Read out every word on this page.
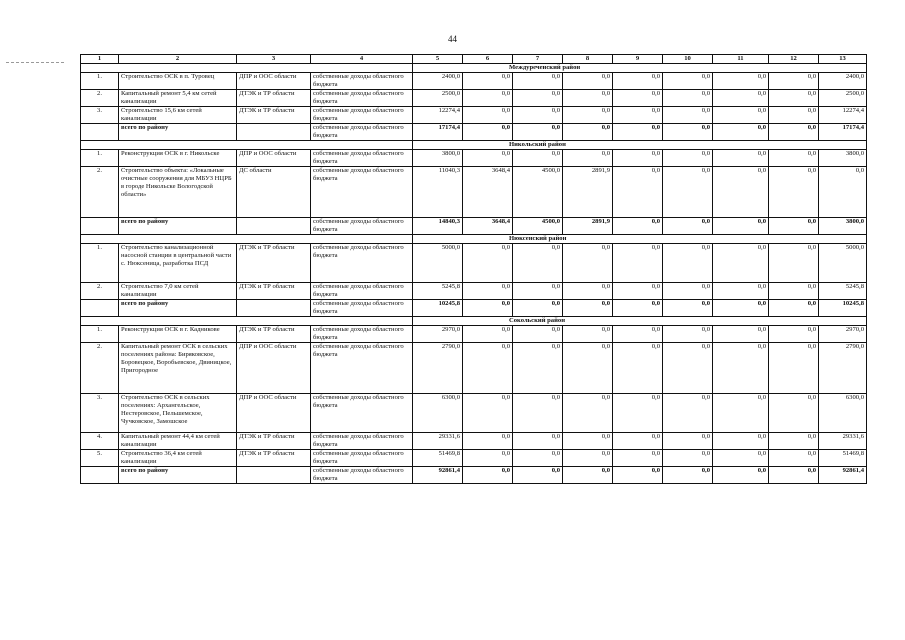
44
1	2	3	4	5	6	7	8	9	10	11	12	13
				Междуреченский район								
1.	Строительство ОСК в п. Туровец	ДПР и ООС области	собственные доходы областного бюджета	2400,0	0,0	0,0	0,0	0,0	0,0	0,0	0,0	2400,0
2.	Капитальный ремонт 5,4 км сетей канализации	ДТЭК и ТР области	собственные доходы областного бюджета	2500,0	0,0	0,0	0,0	0,0	0,0	0,0	0,0	2500,0
3.	Строительство 15,6 км сетей канализации	ДТЭК и ТР области	собственные доходы областного бюджета	12274,4	0,0	0,0	0,0	0,0	0,0	0,0	0,0	12274,4
	всего по району		собственные доходы областного бюджета	17174,4	0,0	0,0	0,0	0,0	0,0	0,0	0,0	17174,4
				Никольский район								
1.	Реконструкция ОСК в г. Никольске	ДПР и ООС области	собственные доходы областного бюджета	3800,0	0,0	0,0	0,0	0,0	0,0	0,0	0,0	3800,0
2.	Строительство объекта: «Локальные очистные сооружения для МБУЗ НЦРБ в городе Никольске Вологодской области»	ДС области	собственные доходы областного бюджета	11040,3	3648,4	4500,0	2891,9	0,0	0,0	0,0	0,0	0,0
	всего по району		собственные доходы областного бюджета	14840,3	3648,4	4500,0	2891,9	0,0	0,0	0,0	0,0	3800,0
				Нюксенский район								
1.	Строительство канализационной насосной станции в центральной части с. Нюксеница, разработка ПСД	ДТЭК и ТР области	собственные доходы областного бюджета	5000,0	0,0	0,0	0,0	0,0	0,0	0,0	0,0	5000,0
2.	Строительство 7,0 км сетей канализации	ДТЭК и ТР области	собственные доходы областного бюджета	5245,8	0,0	0,0	0,0	0,0	0,0	0,0	0,0	5245,8
	всего по району		собственные доходы областного бюджета	10245,8	0,0	0,0	0,0	0,0	0,0	0,0	0,0	10245,8
				Сокольский район								
1.	Реконструкция ОСК в г. Кадникове	ДТЭК и ТР области	собственные доходы областного бюджета	2970,0	0,0	0,0	0,0	0,0	0,0	0,0	0,0	2970,0
2.	Капитальный ремонт ОСК в сельских поселениях района: Биряковское, Боровецкое, Воробьевское, Двиницкое, Пригородное	ДПР и ООС области	собственные доходы областного бюджета	2790,0	0,0	0,0	0,0	0,0	0,0	0,0	0,0	2790,0
3.	Строительство ОСК в сельских поселениях: Архангельское, Нестеровское, Пельшемское, Чучковское, Замошское	ДПР и ООС области	собственные доходы областного бюджета	6300,0	0,0	0,0	0,0	0,0	0,0	0,0	0,0	6300,0
4.	Капитальный ремонт 44,4 км сетей канализации	ДТЭК и ТР области	собственные доходы областного бюджета	29331,6	0,0	0,0	0,0	0,0	0,0	0,0	0,0	29331,6
5.	Строительство 36,4 км сетей канализации	ДТЭК и ТР области	собственные доходы областного бюджета	51469,8	0,0	0,0	0,0	0,0	0,0	0,0	0,0	51469,8
	всего по району		собственные доходы областного бюджета	92861,4	0,0	0,0	0,0	0,0	0,0	0,0	0,0	92861,4
